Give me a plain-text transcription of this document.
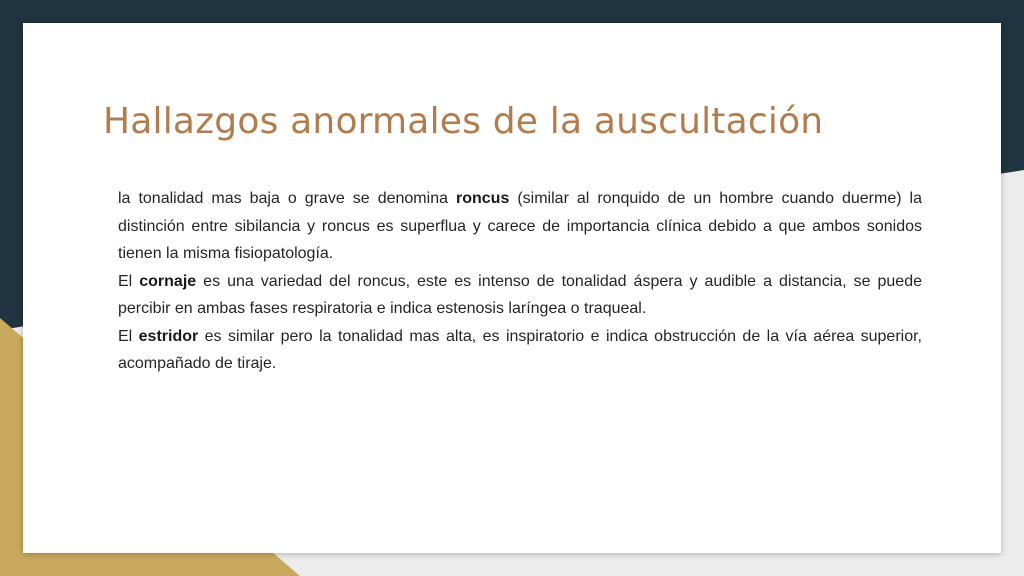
Hallazgos anormales de la auscultación

la tonalidad mas baja o grave se denomina roncus (similar al ronquido de un hombre cuando duerme) la distinción entre sibilancia y roncus es superflua y carece de importancia clínica debido a que ambos sonidos tienen la misma fisiopatología.

El cornaje es una variedad del roncus, este es intenso de tonalidad áspera y audible a distancia, se puede percibir en ambas fases respiratoria e indica estenosis laríngea o traqueal.

El estridor es similar pero la tonalidad mas alta, es inspiratorio e indica obstrucción de la vía aérea superior, acompañado de tiraje.
